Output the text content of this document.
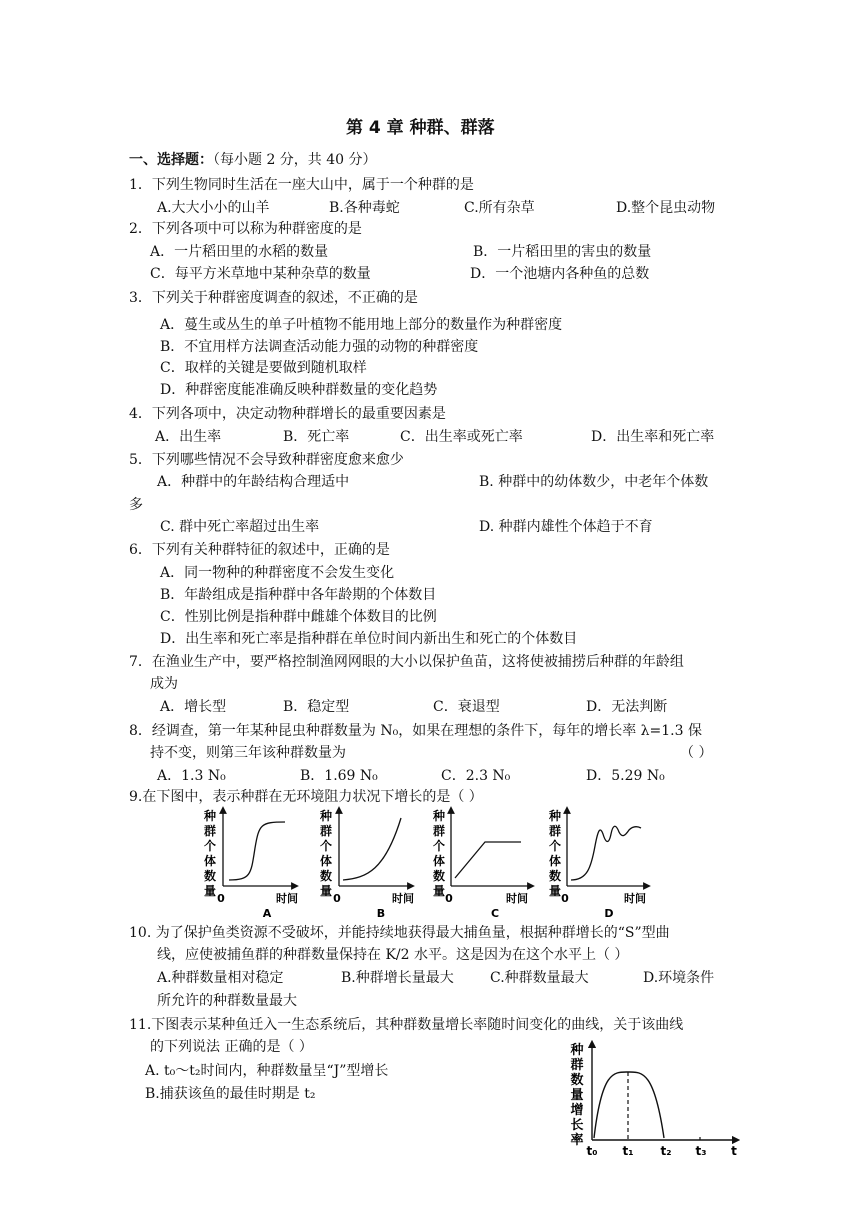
第 4 章 种群、群落
一、选择题：（每小题 2 分，共 40 分）
1．下列生物同时生活在一座大山中，属于一个种群的是
A.大大小小的山羊	B.各种毒蛇	C.所有杂草	D.整个昆虫动物
2．下列各项中可以称为种群密度的是
A．一片稻田里的水稻的数量	B．一片稻田里的害虫的数量
C．每平方米草地中某种杂草的数量	D．一个池塘内各种鱼的总数
3．下列关于种群密度调查的叙述，不正确的是
A．蔓生或丛生的单子叶植物不能用地上部分的数量作为种群密度
B．不宜用样方法调查活动能力强的动物的种群密度
C．取样的关键是要做到随机取样
D．种群密度能准确反映种群数量的变化趋势
4．下列各项中，决定动物种群增长的最重要因素是
A．出生率	B．死亡率	C．出生率或死亡率	D．出生率和死亡率
5．下列哪些情况不会导致种群密度愈来愈少
A．种群中的年龄结构合理适中	B. 种群中的幼体数少，中老年个体数
多
C. 群中死亡率超过出生率	D. 种群内雄性个体趋于不育
6．下列有关种群特征的叙述中，正确的是
A．同一物种的种群密度不会发生变化
B．年龄组成是指种群中各年龄期的个体数目
C．性别比例是指种群中雌雄个体数目的比例
D．出生率和死亡率是指种群在单位时间内新出生和死亡的个体数目
7．在渔业生产中，要严格控制渔网网眼的大小以保护鱼苗，这将使被捕捞后种群的年龄组
成为
A．增长型	B．稳定型	C．衰退型	D．无法判断
8．经调查，第一年某种昆虫种群数量为 N₀，如果在理想的条件下，每年的增长率 λ=1.3 保
持不变，则第三年该种群数量为	（ ）
A．1.3 N₀	B．1.69 N₀	C．2.3 N₀	D．5.29 N₀
9.在下图中，表示种群在无环境阻力状况下增长的是（ ）
种
群
个
体
数
量
0	时间
A
种
群
个
体
数
量
0	时间
B
种
群
个
体
数
量
0	时间
C
种
群
个
体
数
量
0	时间
D
10. 为了保护鱼类资源不受破坏，并能持续地获得最大捕鱼量，根据种群增长的“S”型曲
线，应使被捕鱼群的种群数量保持在 K/2 水平。这是因为在这个水平上（ ）
A.种群数量相对稳定	B.种群增长量最大	C.种群数量最大	D.环境条件
所允许的种群数量最大
11.下图表示某种鱼迁入一生态系统后，其种群数量增长率随时间变化的曲线，关于该曲线
的下列说法 正确的是（ ）
A. t₀～t₂时间内，种群数量呈“J”型增长
B.捕获该鱼的最佳时期是 t₂
种
群
数
量
增
长
率
t₀ t₁ t₂ t₃ t
